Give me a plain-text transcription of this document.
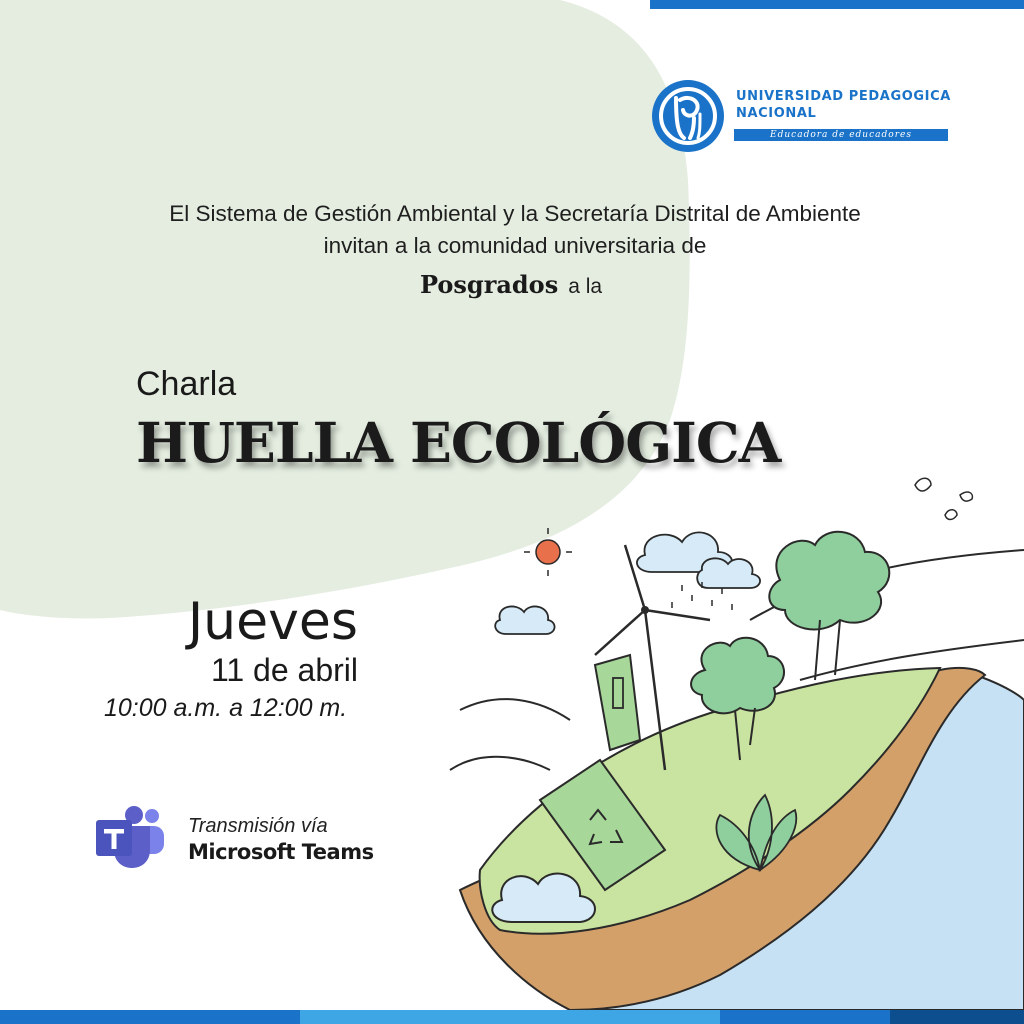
UNIVERSIDAD PEDAGOGICA
NACIONAL
Educadora de educadores
El Sistema de Gestión Ambiental y la Secretaría Distrital de Ambiente
invitan a la comunidad universitaria de
Posgrados a la
Charla
HUELLA ECOLÓGICA
Jueves
11 de abril
10:00 a.m. a 12:00 m.
Transmisión vía
Microsoft Teams
